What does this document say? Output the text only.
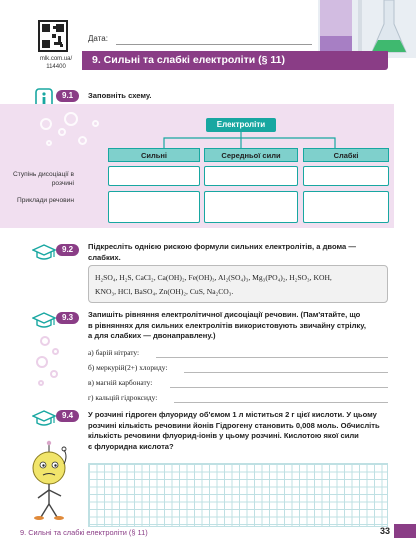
mlk.com.ua/
114400
Дата:
9. Сильні та слабкі електроліти (§ 11)
9.1	Заповніть схему.
Електроліти
Сильні	Середньої сили	Слабкі
Ступінь дисоціації в розчині
Приклади речовин
9.2	Підкресліть однією рискою формули сильних електролітів, а двома —
слабких.
H₂SO₄, H₂S, CaCl₂, Ca(OH)₂, Fe(OH)₃, Al₂(SO₄)₃, Mg₃(PO₄)₂, H₂SO₃, KOH,
KNO₃, HCl, BaSO₄, Zn(OH)₂, CuS, Na₂CO₃.
9.3	Запишіть рівняння електролітичної дисоціації речовин. (Пам'ятайте, що
в рівняннях для сильних електролітів використовують звичайну стрілку,
а для слабких — двонаправлену.)
а) барій нітрату:
б) меркурій(2+) хлориду:
в) магній карбонату:
г) кальцій гідроксиду:
9.4	У розчині гідроген флуориду об'ємом 1 л міститься 2 г цієї кислоти. У цьому
розчині кількість речовини йонів Гідрогену становить 0,008 моль. Обчисліть
кількість речовини флуорид-іонів у цьому розчині. Кислотою якої сили
є флуоридна кислота?
9. Сильні та слабкі електроліти (§ 11)	33
